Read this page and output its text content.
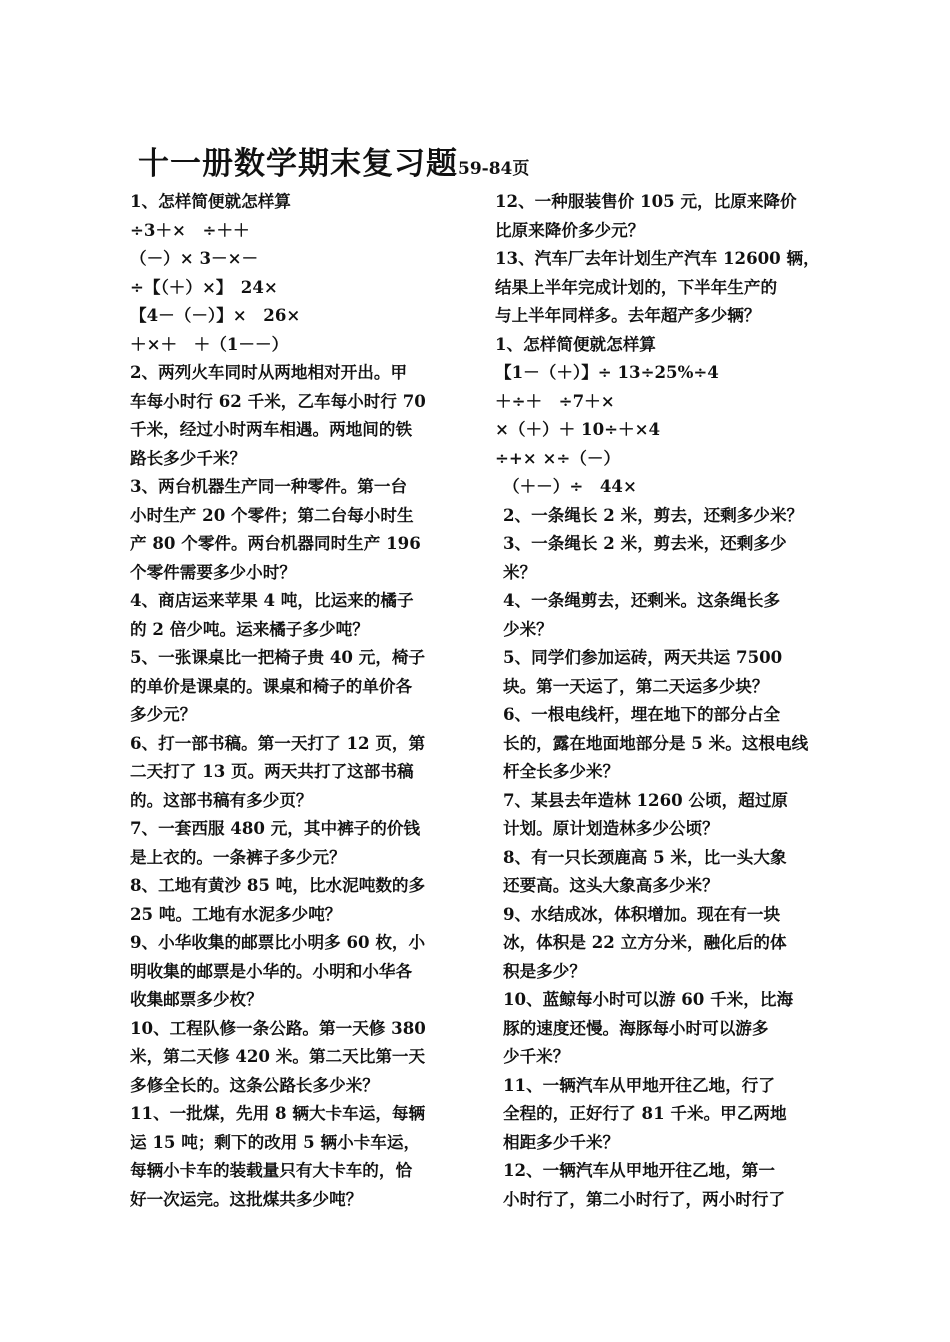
十一册数学期末复习题59-84页
1、怎样简便就怎样算
÷3＋×　÷＋＋
（－）× 3－×－
÷【（＋）×】　24×
【4－（－）】×　26×
＋×＋　＋（1－－）
2、两列火车同时从两地相对开出。甲
车每小时行 62 千米，乙车每小时行 70
千米，经过小时两车相遇。两地间的铁
路长多少千米？
3、两台机器生产同一种零件。第一台
小时生产 20 个零件；第二台每小时生
产 80 个零件。两台机器同时生产 196
个零件需要多少小时？
4、商店运来苹果 4 吨，比运来的橘子
的 2 倍少吨。运来橘子多少吨？
5、一张课桌比一把椅子贵 40 元，椅子
的单价是课桌的。课桌和椅子的单价各
多少元？
6、打一部书稿。第一天打了 12 页，第
二天打了 13 页。两天共打了这部书稿
的。这部书稿有多少页？
7、一套西服 480 元，其中裤子的价钱
是上衣的。一条裤子多少元？
8、工地有黄沙 85 吨，比水泥吨数的多
25 吨。工地有水泥多少吨？
9、小华收集的邮票比小明多 60 枚，小
明收集的邮票是小华的。小明和小华各
收集邮票多少枚？
10、工程队修一条公路。第一天修 380
米，第二天修 420 米。第二天比第一天
多修全长的。这条公路长多少米？
11、一批煤，先用 8 辆大卡车运，每辆
运 15 吨；剩下的改用 5 辆小卡车运，
每辆小卡车的装载量只有大卡车的，恰
好一次运完。这批煤共多少吨？
12、一种服装售价 105 元，比原来降价
比原来降价多少元？
13、汽车厂去年计划生产汽车 12600 辆，
结果上半年完成计划的，下半年生产的
与上半年同样多。去年超产多少辆？
1、怎样简便就怎样算
【1－（＋）】÷ 13÷25%÷4
＋÷＋　÷7＋×
×（＋）＋ 10÷＋×4
÷+× ×÷（－）
（＋－）÷　44×
2、一条绳长 2 米，剪去，还剩多少米？
3、一条绳长 2 米，剪去米，还剩多少
米？
4、一条绳剪去，还剩米。这条绳长多
少米？
5、同学们参加运砖，两天共运 7500
块。第一天运了，第二天运多少块？
6、一根电线杆，埋在地下的部分占全
长的，露在地面地部分是 5 米。这根电线
杆全长多少米？
7、某县去年造林 1260 公顷，超过原
计划。原计划造林多少公顷？
8、有一只长颈鹿高 5 米，比一头大象
还要高。这头大象高多少米？
9、水结成冰，体积增加。现在有一块
冰，体积是 22 立方分米，融化后的体
积是多少？
10、蓝鲸每小时可以游 60 千米，比海
豚的速度还慢。海豚每小时可以游多
少千米？
11、一辆汽车从甲地开往乙地，行了
全程的，正好行了 81 千米。甲乙两地
相距多少千米？
12、一辆汽车从甲地开往乙地，第一
小时行了，第二小时行了，两小时行了
